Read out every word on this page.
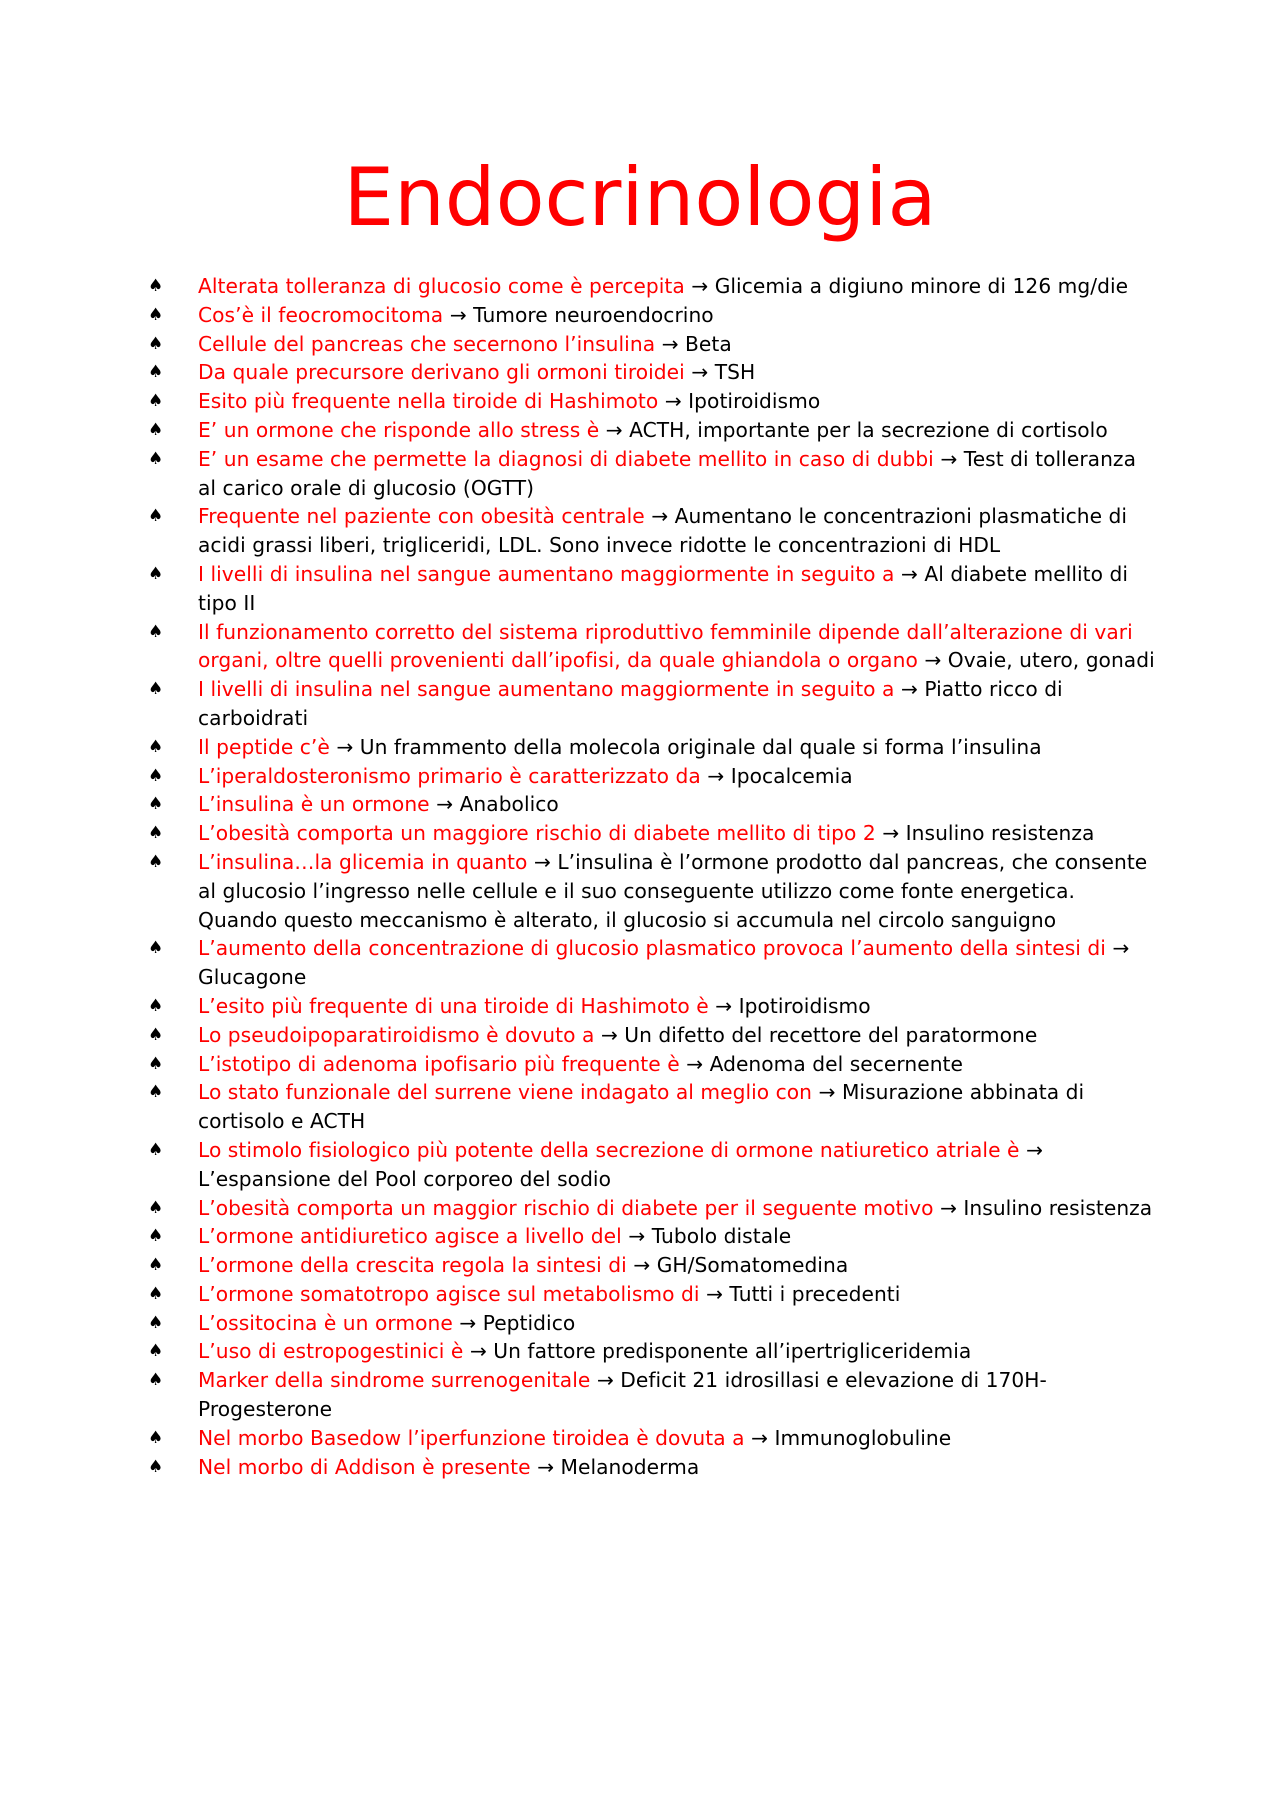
Endocrinologia
♠ Alterata tolleranza di glucosio come è percepita → Glicemia a digiuno minore di 126 mg/die
♠ Cos’è il feocromocitoma → Tumore neuroendocrino
♠ Cellule del pancreas che secernono l’insulina → Beta
♠ Da quale precursore derivano gli ormoni tiroidei → TSH
♠ Esito più frequente nella tiroide di Hashimoto → Ipotiroidismo
♠ E’ un ormone che risponde allo stress è → ACTH, importante per la secrezione di cortisolo
♠ E’ un esame che permette la diagnosi di diabete mellito in caso di dubbi → Test di tolleranza al carico orale di glucosio (OGTT)
♠ Frequente nel paziente con obesità centrale → Aumentano le concentrazioni plasmatiche di acidi grassi liberi, trigliceridi, LDL. Sono invece ridotte le concentrazioni di HDL
♠ I livelli di insulina nel sangue aumentano maggiormente in seguito a → Al diabete mellito di tipo II
♠ Il funzionamento corretto del sistema riproduttivo femminile dipende dall’alterazione di vari organi, oltre quelli provenienti dall’ipofisi, da quale ghiandola o organo → Ovaie, utero, gonadi
♠ I livelli di insulina nel sangue aumentano maggiormente in seguito a → Piatto ricco di carboidrati
♠ Il peptide c’è → Un frammento della molecola originale dal quale si forma l’insulina
♠ L’iperaldosteronismo primario è caratterizzato da → Ipocalcemia
♠ L’insulina è un ormone → Anabolico
♠ L’obesità comporta un maggiore rischio di diabete mellito di tipo 2 → Insulino resistenza
♠ L’insulina…la glicemia in quanto → L’insulina è l’ormone prodotto dal pancreas, che consente al glucosio l’ingresso nelle cellule e il suo conseguente utilizzo come fonte energetica. Quando questo meccanismo è alterato, il glucosio si accumula nel circolo sanguigno
♠ L’aumento della concentrazione di glucosio plasmatico provoca l’aumento della sintesi di → Glucagone
♠ L’esito più frequente di una tiroide di Hashimoto è → Ipotiroidismo
♠ Lo pseudoipoparatiroidismo è dovuto a → Un difetto del recettore del paratormone
♠ L’istotipo di adenoma ipofisario più frequente è → Adenoma del secernente
♠ Lo stato funzionale del surrene viene indagato al meglio con → Misurazione abbinata di cortisolo e ACTH
♠ Lo stimolo fisiologico più potente della secrezione di ormone natiuretico atriale è → L’espansione del Pool corporeo del sodio
♠ L’obesità comporta un maggior rischio di diabete per il seguente motivo → Insulino resistenza
♠ L’ormone antidiuretico agisce a livello del → Tubolo distale
♠ L’ormone della crescita regola la sintesi di → GH/Somatomedina
♠ L’ormone somatotropo agisce sul metabolismo di → Tutti i precedenti
♠ L’ossitocina è un ormone → Peptidico
♠ L’uso di estropogestinici è → Un fattore predisponente all’ipertrigliceridemia
♠ Marker della sindrome surrenogenitale → Deficit 21 idrosillasi e elevazione di 170H-Progesterone
♠ Nel morbo Basedow l’iperfunzione tiroidea è dovuta a → Immunoglobuline
♠ Nel morbo di Addison è presente → Melanoderma
